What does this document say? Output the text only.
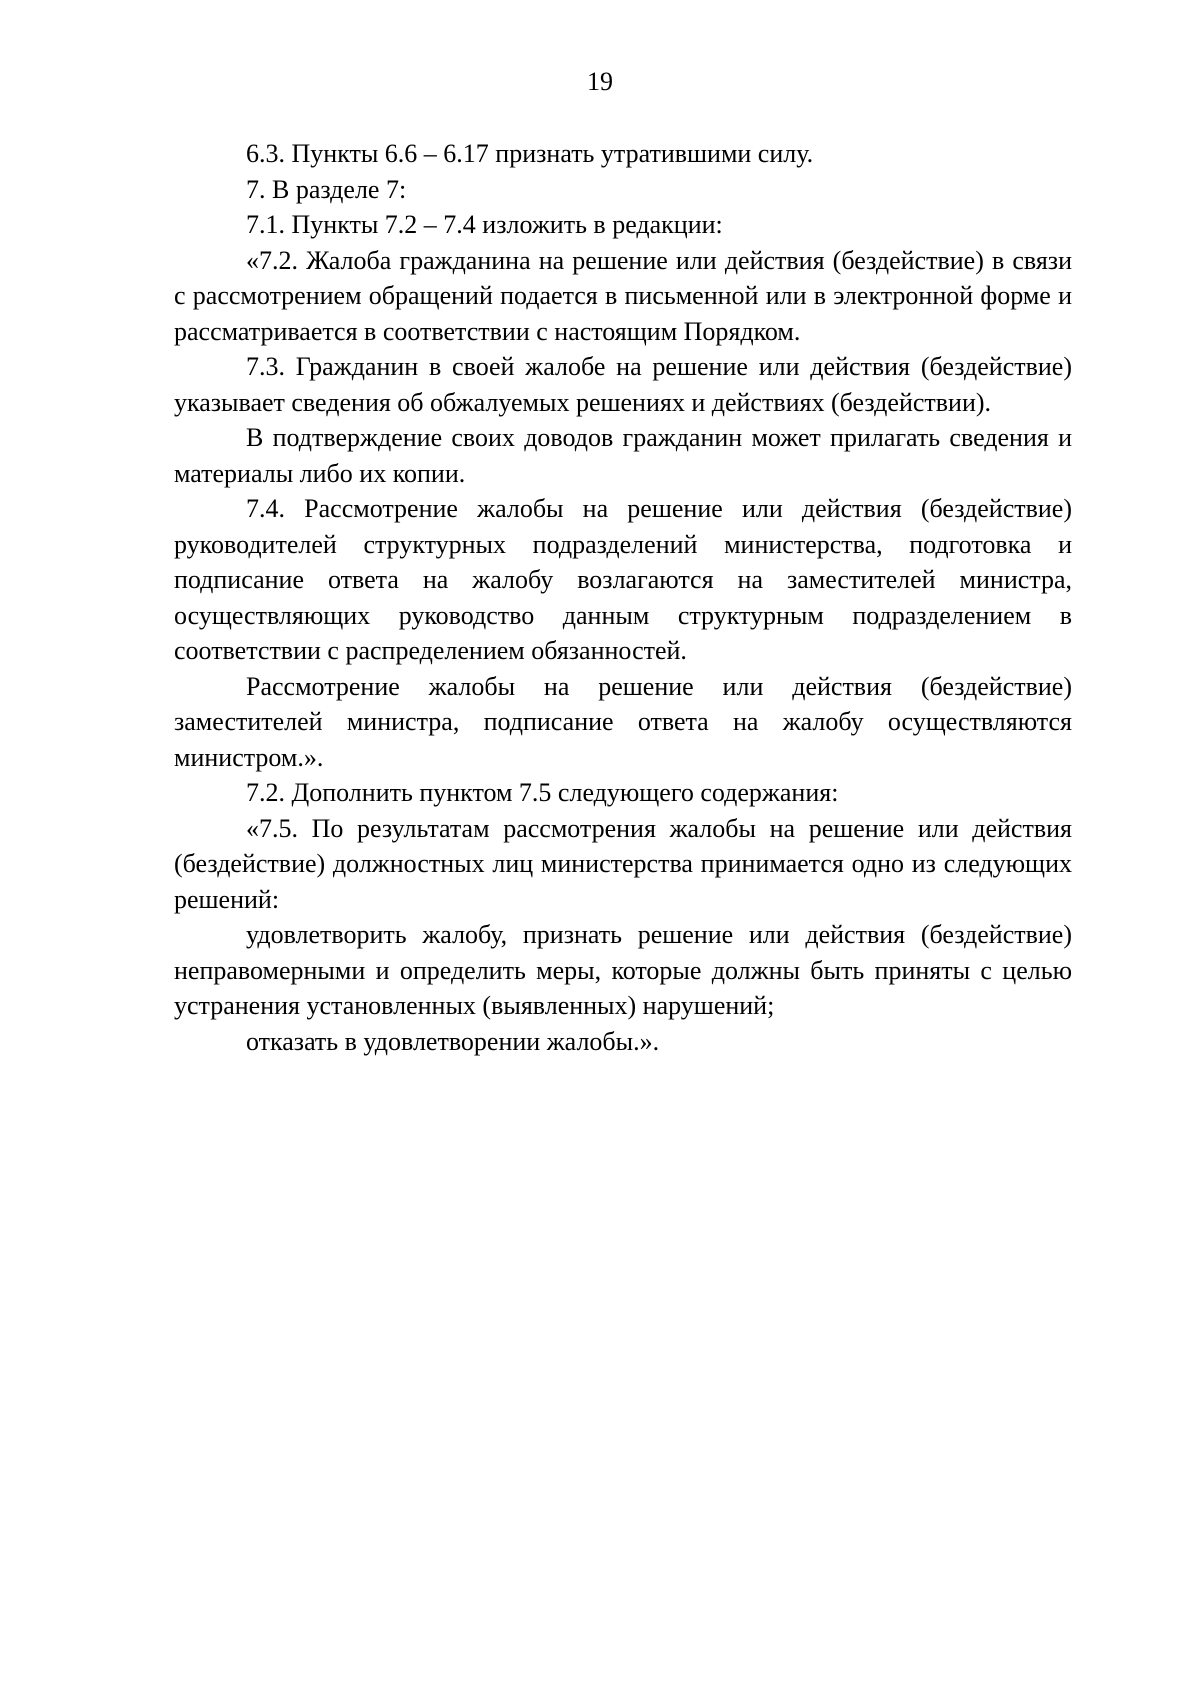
19

6.3. Пункты 6.6 – 6.17 признать утратившими силу.

7. В разделе 7:

7.1. Пункты 7.2 – 7.4 изложить в редакции:

«7.2. Жалоба гражданина на решение или действия (бездействие) в связи с рассмотрением обращений подается в письменной или в электронной форме и рассматривается в соответствии с настоящим Порядком.

7.3. Гражданин в своей жалобе на решение или действия (бездействие) указывает сведения об обжалуемых решениях и действиях (бездействии).

В подтверждение своих доводов гражданин может прилагать сведения и материалы либо их копии.

7.4. Рассмотрение жалобы на решение или действия (бездействие) руководителей структурных подразделений министерства, подготовка и подписание ответа на жалобу возлагаются на заместителей министра, осуществляющих руководство данным структурным подразделением в соответствии с распределением обязанностей.

Рассмотрение жалобы на решение или действия (бездействие) заместителей министра, подписание ответа на жалобу осуществляются министром.».

7.2. Дополнить пунктом 7.5 следующего содержания:

«7.5. По результатам рассмотрения жалобы на решение или действия (бездействие) должностных лиц министерства принимается одно из следующих решений:

удовлетворить жалобу, признать решение или действия (бездействие) неправомерными и определить меры, которые должны быть приняты с целью устранения установленных (выявленных) нарушений;

отказать в удовлетворении жалобы.».
